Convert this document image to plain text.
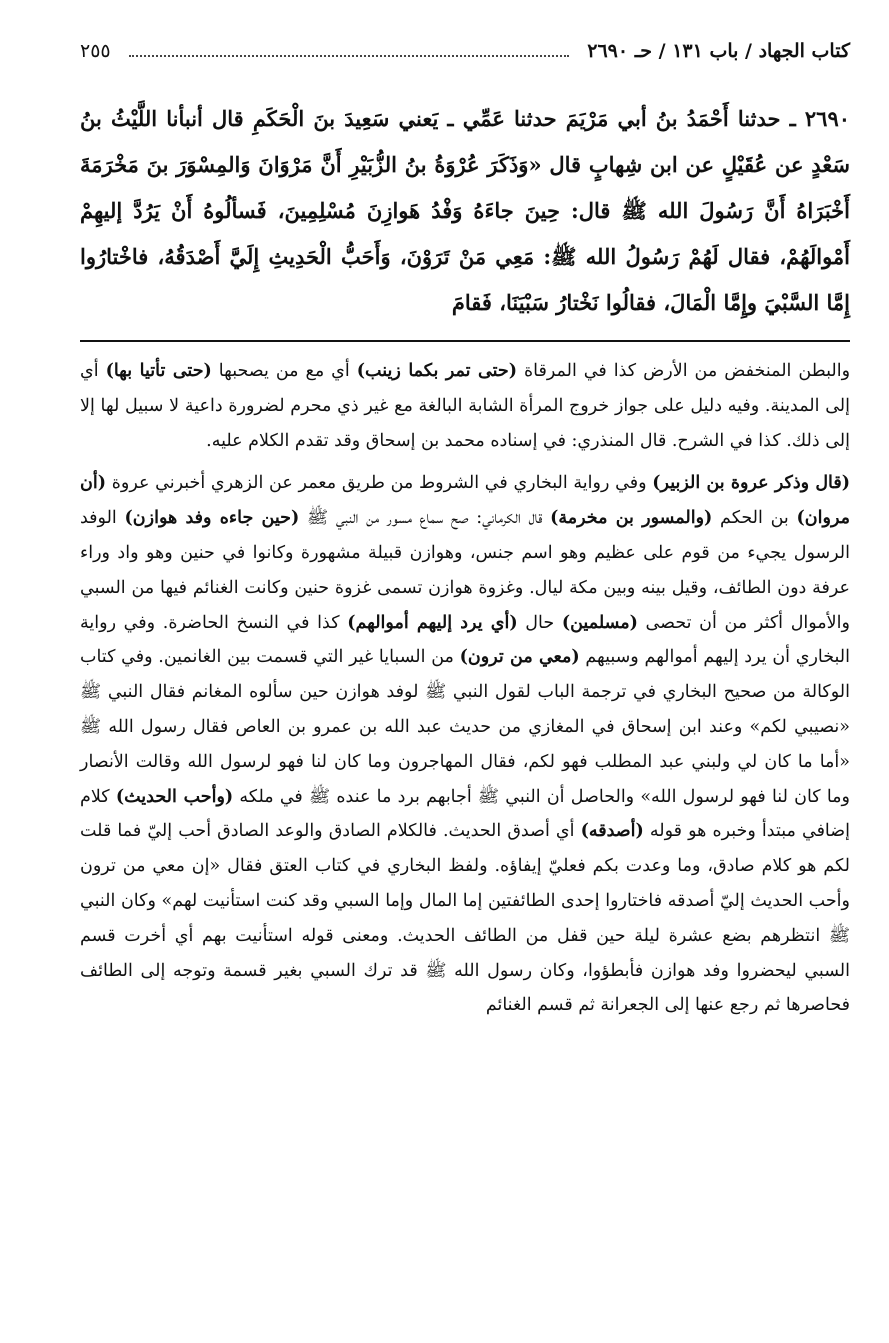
كتاب الجهاد / باب ١٣١ / حـ ٢٦٩٠
٢٥٥
٢٦٩٠ ـ حدثنا أَحْمَدُ بنُ أبي مَرْيَمَ حدثنا عَمِّي ـ يَعني سَعِيدَ بنَ الْحَكَمِ قال أنبأنا اللَّيْثُ بنُ سَعْدٍ عن عُقَيْلٍ عن ابن شِهابٍ قال «وَذَكَرَ عُرْوَةُ بنُ الزُّبَيْرِ أَنَّ مَرْوَانَ وَالمِسْوَرَ بنَ مَخْرَمَةَ أَخْبَرَاهُ أَنَّ رَسُولَ الله ﷺ قال: حِينَ جاءَهُ وَفْدُ هَوازِنَ مُسْلِمِينَ، فَسألُوهُ أَنْ يَرُدَّ إليهِمْ أَمْوالَهُمْ، فقال لَهُمْ رَسُولُ الله ﷺ: مَعِي مَنْ تَرَوْنَ، وَأَحَبُّ الْحَدِيثِ إِلَيَّ أَصْدَقُهُ، فاخْتارُوا إِمَّا السَّبْيَ وإِمَّا الْمَالَ، فقالُوا نَخْتارُ سَبْيَنَا، فَقامَ

والبطن المنخفض من الأرض كذا في المرقاة (حتى تمر بكما زينب) أي مع من يصحبها (حتى تأتيا بها) أي إلى المدينة. وفيه دليل على جواز خروج المرأة الشابة البالغة مع غير ذي محرم لضرورة داعية لا سبيل لها إلا إلى ذلك. كذا في الشرح. قال المنذري: في إسناده محمد بن إسحاق وقد تقدم الكلام عليه.

(قال وذكر عروة بن الزبير) وفي رواية البخاري في الشروط من طريق معمر عن الزهري أخبرني عروة (أن مروان) بن الحكم (والمسور بن مخرمة) قال الكرماني: صح سماع مسور من النبي ﷺ (حين جاءه وفد هوازن) الوفد الرسول يجيء من قوم على عظيم وهو اسم جنس، وهوازن قبيلة مشهورة وكانوا في حنين وهو واد وراء عرفة دون الطائف، وقيل بينه وبين مكة ليال. وغزوة هوازن تسمى غزوة حنين وكانت الغنائم فيها من السبي والأموال أكثر من أن تحصى (مسلمين) حال (أي يرد إليهم أموالهم) كذا في النسخ الحاضرة. وفي رواية البخاري أن يرد إليهم أموالهم وسبيهم (معي من ترون) من السبايا غير التي قسمت بين الغانمين. وفي كتاب الوكالة من صحيح البخاري في ترجمة الباب لقول النبي ﷺ لوفد هوازن حين سألوه المغانم فقال النبي ﷺ «نصيبي لكم» وعند ابن إسحاق في المغازي من حديث عبد الله بن عمرو بن العاص فقال رسول الله ﷺ «أما ما كان لي ولبني عبد المطلب فهو لكم، فقال المهاجرون وما كان لنا فهو لرسول الله وقالت الأنصار وما كان لنا فهو لرسول الله» والحاصل أن النبي ﷺ أجابهم برد ما عنده ﷺ في ملكه (وأحب الحديث) كلام إضافي مبتدأ وخبره هو قوله (أصدقه) أي أصدق الحديث. فالكلام الصادق والوعد الصادق أحب إليّ فما قلت لكم هو كلام صادق، وما وعدت بكم فعليّ إيفاؤه. ولفظ البخاري في كتاب العتق فقال «إن معي من ترون وأحب الحديث إليّ أصدقه فاختاروا إحدى الطائفتين إما المال وإما السبي وقد كنت استأنيت لهم» وكان النبي ﷺ انتظرهم بضع عشرة ليلة حين قفل من الطائف الحديث. ومعنى قوله استأنيت بهم أي أخرت قسم السبي ليحضروا وفد هوازن فأبطؤوا، وكان رسول الله ﷺ قد ترك السبي بغير قسمة وتوجه إلى الطائف فحاصرها ثم رجع عنها إلى الجعرانة ثم قسم الغنائم
